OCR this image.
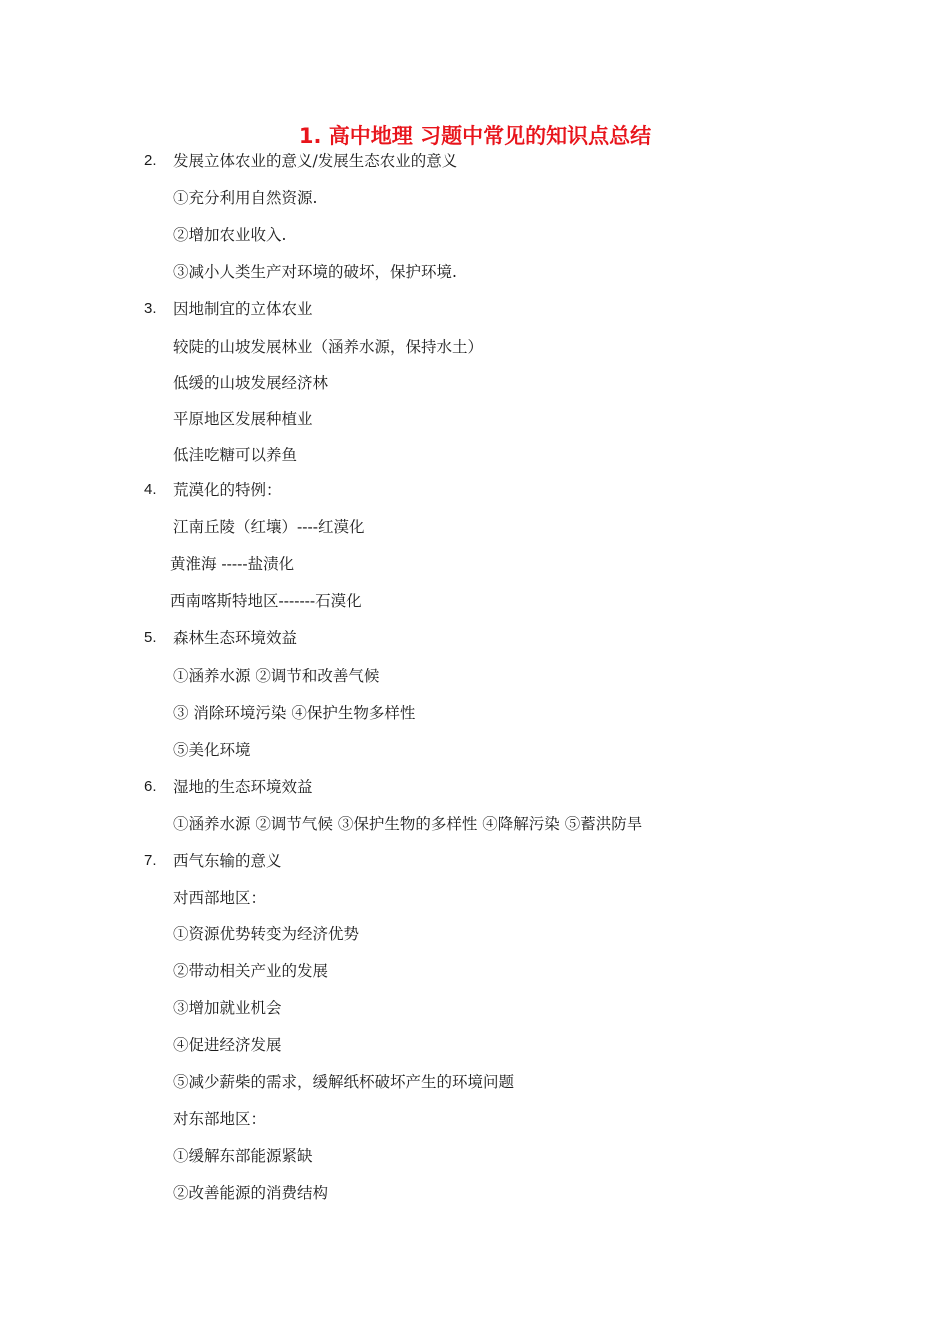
1. 高中地理 习题中常见的知识点总结
2. 发展立体农业的意义/发展生态农业的意义
①充分利用自然资源.
②增加农业收入.
③减小人类生产对环境的破坏，保护环境.
3. 因地制宜的立体农业
较陡的山坡发展林业（涵养水源，保持水土）
低缓的山坡发展经济林
平原地区发展种植业
低洼吃糖可以养鱼
4. 荒漠化的特例：
江南丘陵（红壤）----红漠化
黄淮海 -----盐渍化
西南喀斯特地区-------石漠化
5. 森林生态环境效益
①涵养水源 ②调节和改善气候
③ 消除环境污染 ④保护生物多样性
⑤美化环境
6. 湿地的生态环境效益
①涵养水源 ②调节气候 ③保护生物的多样性 ④降解污染 ⑤蓄洪防旱
7. 西气东输的意义
对西部地区：
①资源优势转变为经济优势
②带动相关产业的发展
③增加就业机会
④促进经济发展
⑤减少薪柴的需求，缓解纸杯破坏产生的环境问题
对东部地区：
①缓解东部能源紧缺
②改善能源的消费结构
